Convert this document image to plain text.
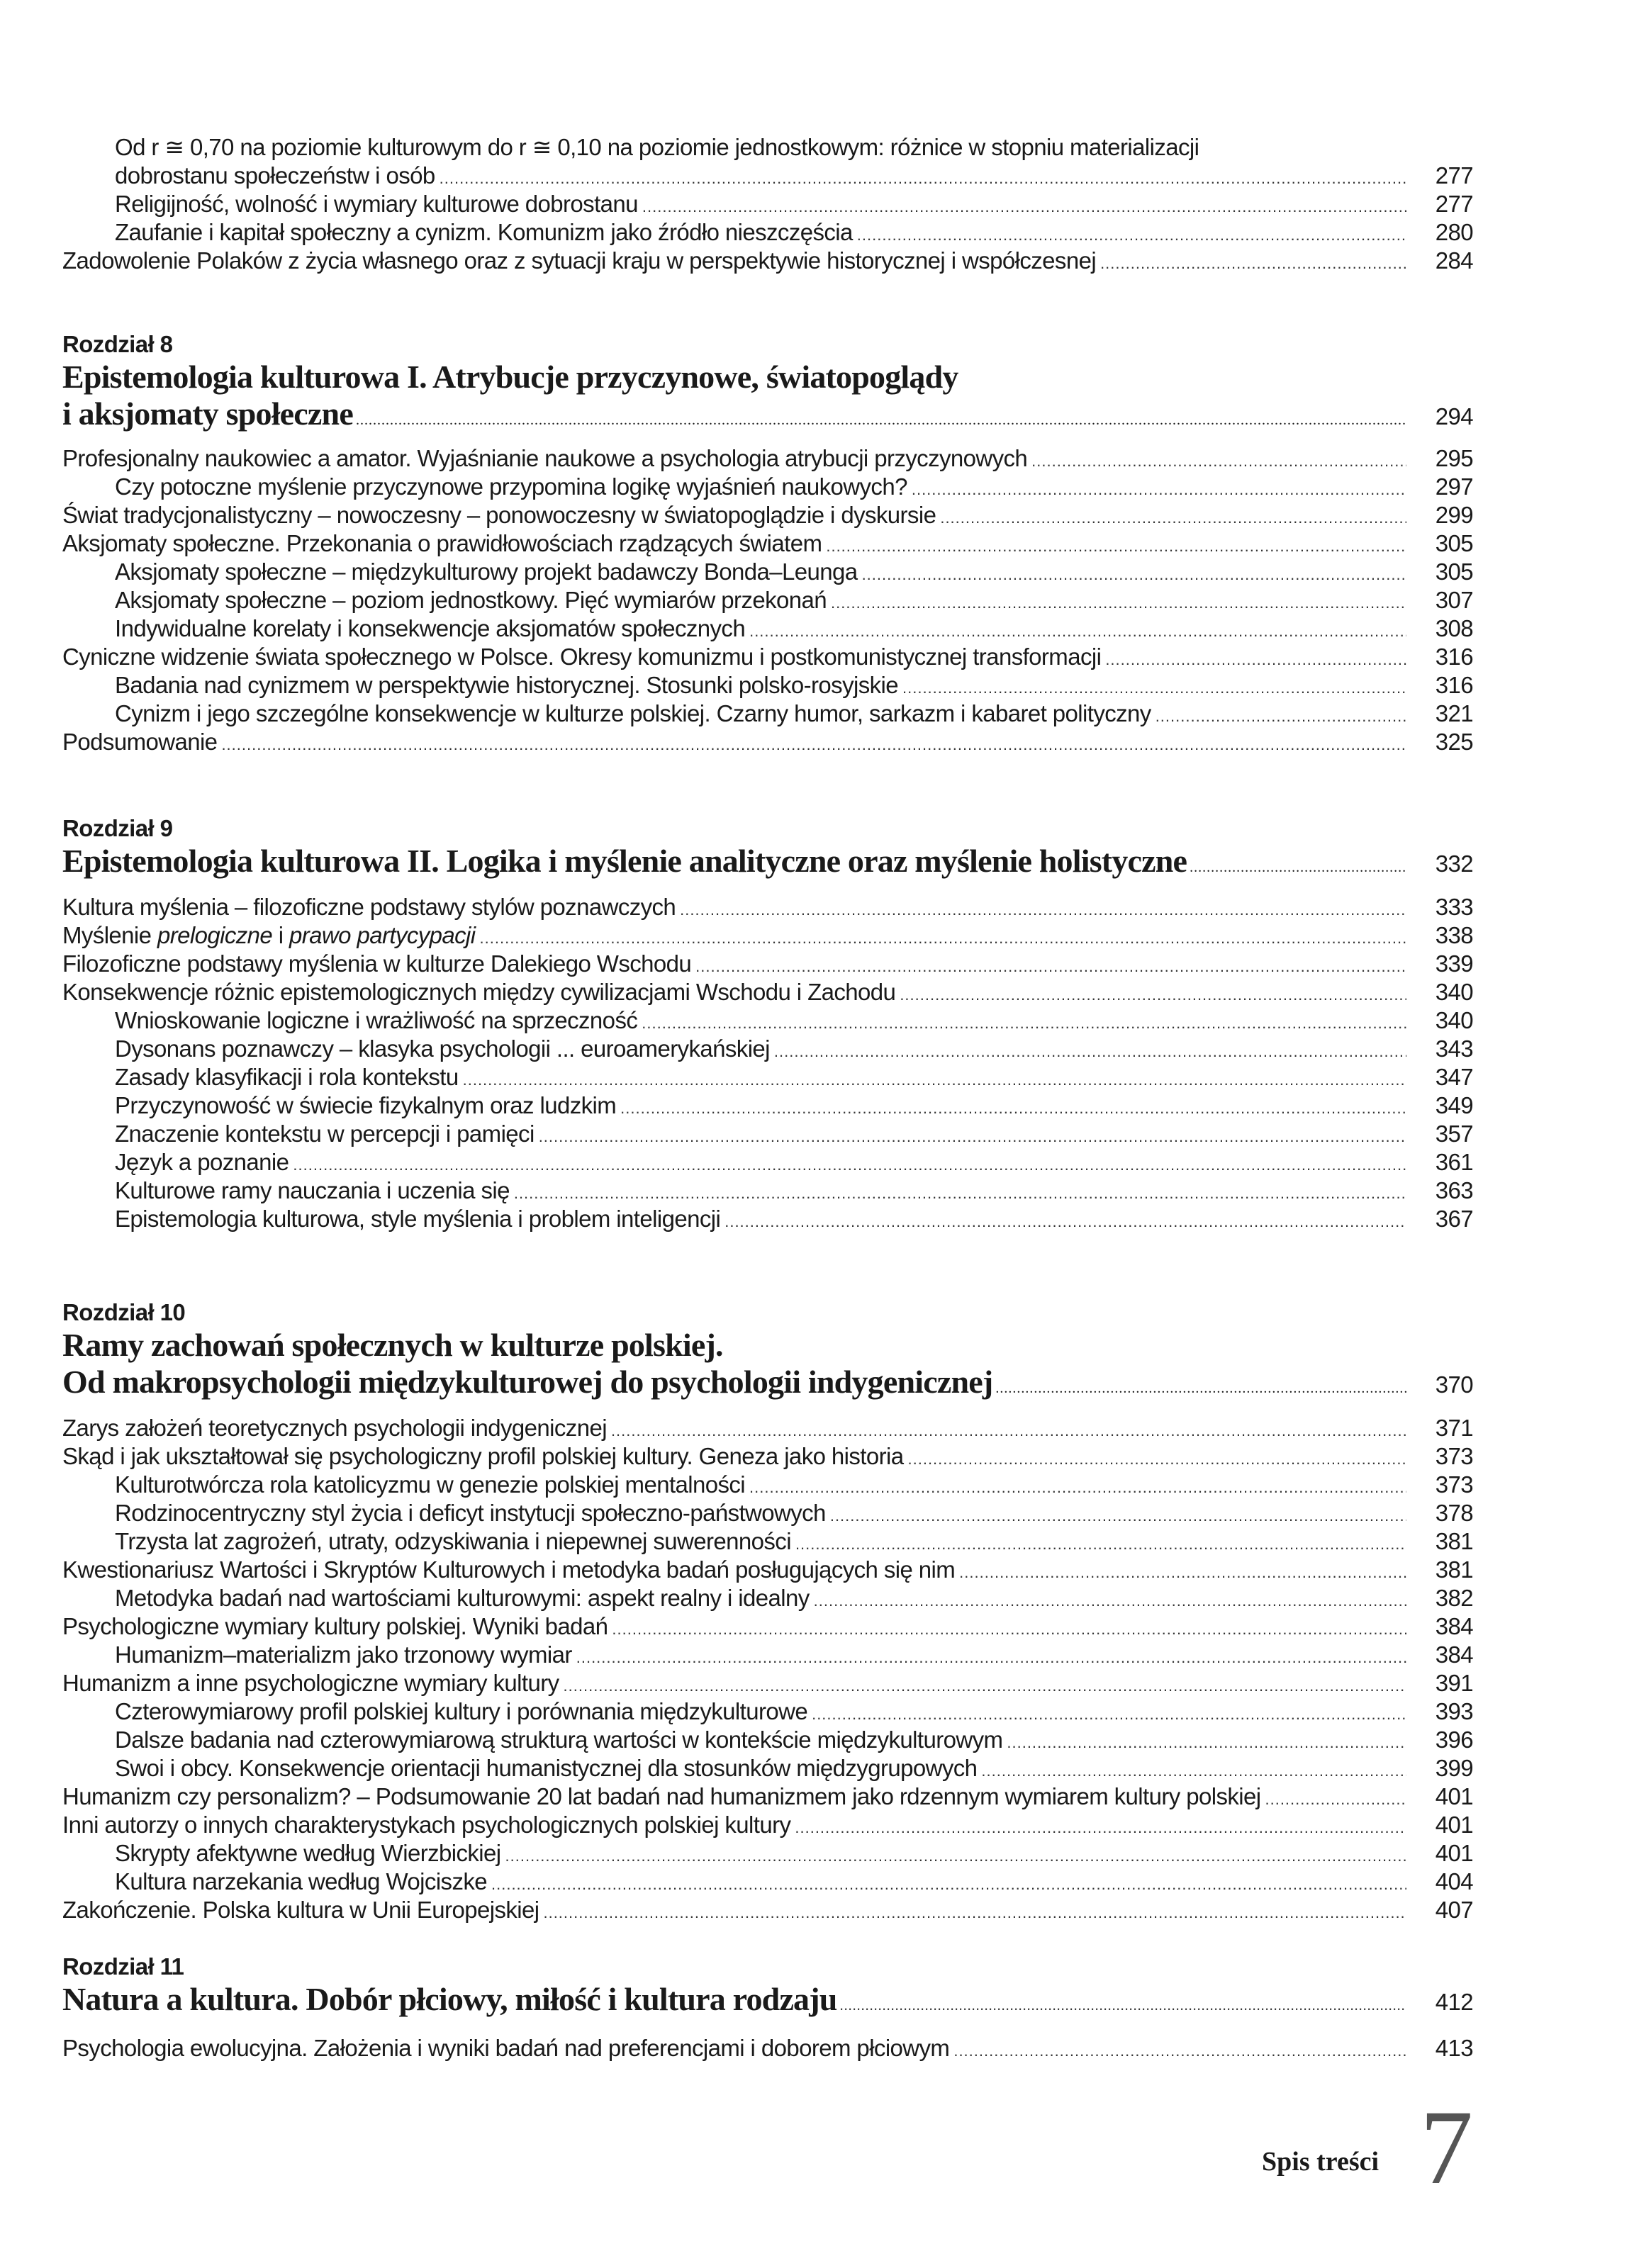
Od r ≅ 0,70 na poziomie kulturowym do r ≅ 0,10 na poziomie jednostkowym: różnice w stopniu materializacji
dobrostanu społeczeństw i osób .....	277
Religijność, wolność i wymiary kulturowe dobrostanu .....	277
Zaufanie i kapitał społeczny a cynizm. Komunizm jako źródło nieszczęścia .....	280
Zadowolenie Polaków z życia własnego oraz z sytuacji kraju w perspektywie historycznej i współczesnej .....	284
Rozdział 8
Epistemologia kulturowa I. Atrybucje przyczynowe, światopoglądy
i aksjomaty społeczne .....	294
Profesjonalny naukowiec a amator. Wyjaśnianie naukowe a psychologia atrybucji przyczynowych .....	295
Czy potoczne myślenie przyczynowe przypomina logikę wyjaśnień naukowych? .....	297
Świat tradycjonalistyczny – nowoczesny – ponowoczesny w światopoglądzie i dyskursie .....	299
Aksjomaty społeczne. Przekonania o prawidłowościach rządzących światem .....	305
Aksjomaty społeczne – międzykulturowy projekt badawczy Bonda–Leunga .....	305
Aksjomaty społeczne – poziom jednostkowy. Pięć wymiarów przekonań .....	307
Indywidualne korelaty i konsekwencje aksjomatów społecznych .....	308
Cyniczne widzenie świata społecznego w Polsce. Okresy komunizmu i postkomunistycznej transformacji .....	316
Badania nad cynizmem w perspektywie historycznej. Stosunki polsko-rosyjskie .....	316
Cynizm i jego szczególne konsekwencje w kulturze polskiej. Czarny humor, sarkazm i kabaret polityczny .....	321
Podsumowanie .....	325
Rozdział 9
Epistemologia kulturowa II. Logika i myślenie analityczne oraz myślenie holistyczne .....	332
Kultura myślenia – filozoficzne podstawy stylów poznawczych .....	333
Myślenie prelogiczne i prawo partycypacji .....	338
Filozoficzne podstawy myślenia w kulturze Dalekiego Wschodu .....	339
Konsekwencje różnic epistemologicznych między cywilizacjami Wschodu i Zachodu .....	340
Wnioskowanie logiczne i wrażliwość na sprzeczność .....	340
Dysonans poznawczy – klasyka psychologii ... euroamerykańskiej .....	343
Zasady klasyfikacji i rola kontekstu .....	347
Przyczynowość w świecie fizykalnym oraz ludzkim .....	349
Znaczenie kontekstu w percepcji i pamięci .....	357
Język a poznanie .....	361
Kulturowe ramy nauczania i uczenia się .....	363
Epistemologia kulturowa, style myślenia i problem inteligencji .....	367
Rozdział 10
Ramy zachowań społecznych w kulturze polskiej.
Od makropsychologii międzykulturowej do psychologii indygenicznej .....	370
Zarys założeń teoretycznych psychologii indygenicznej .....	371
Skąd i jak ukształtował się psychologiczny profil polskiej kultury. Geneza jako historia .....	373
Kulturotwórcza rola katolicyzmu w genezie polskiej mentalności .....	373
Rodzinocentryczny styl życia i deficyt instytucji społeczno-państwowych .....	378
Trzysta lat zagrożeń, utraty, odzyskiwania i niepewnej suwerenności .....	381
Kwestionariusz Wartości i Skryptów Kulturowych i metodyka badań posługujących się nim .....	381
Metodyka badań nad wartościami kulturowymi: aspekt realny i idealny .....	382
Psychologiczne wymiary kultury polskiej. Wyniki badań .....	384
Humanizm–materializm jako trzonowy wymiar .....	384
Humanizm a inne psychologiczne wymiary kultury .....	391
Czterowymiarowy profil polskiej kultury i porównania międzykulturowe .....	393
Dalsze badania nad czterowymiarową strukturą wartości w kontekście międzykulturowym .....	396
Swoi i obcy. Konsekwencje orientacji humanistycznej dla stosunków międzygrupowych .....	399
Humanizm czy personalizm? – Podsumowanie 20 lat badań nad humanizmem jako rdzennym wymiarem kultury polskiej .....	401
Inni autorzy o innych charakterystykach psychologicznych polskiej kultury .....	401
Skrypty afektywne według Wierzbickiej .....	401
Kultura narzekania według Wojciszke .....	404
Zakończenie. Polska kultura w Unii Europejskiej .....	407
Rozdział 11
Natura a kultura. Dobór płciowy, miłość i kultura rodzaju .....	412
Psychologia ewolucyjna. Założenia i wyniki badań nad preferencjami i doborem płciowym .....	413
Spis treści 7
